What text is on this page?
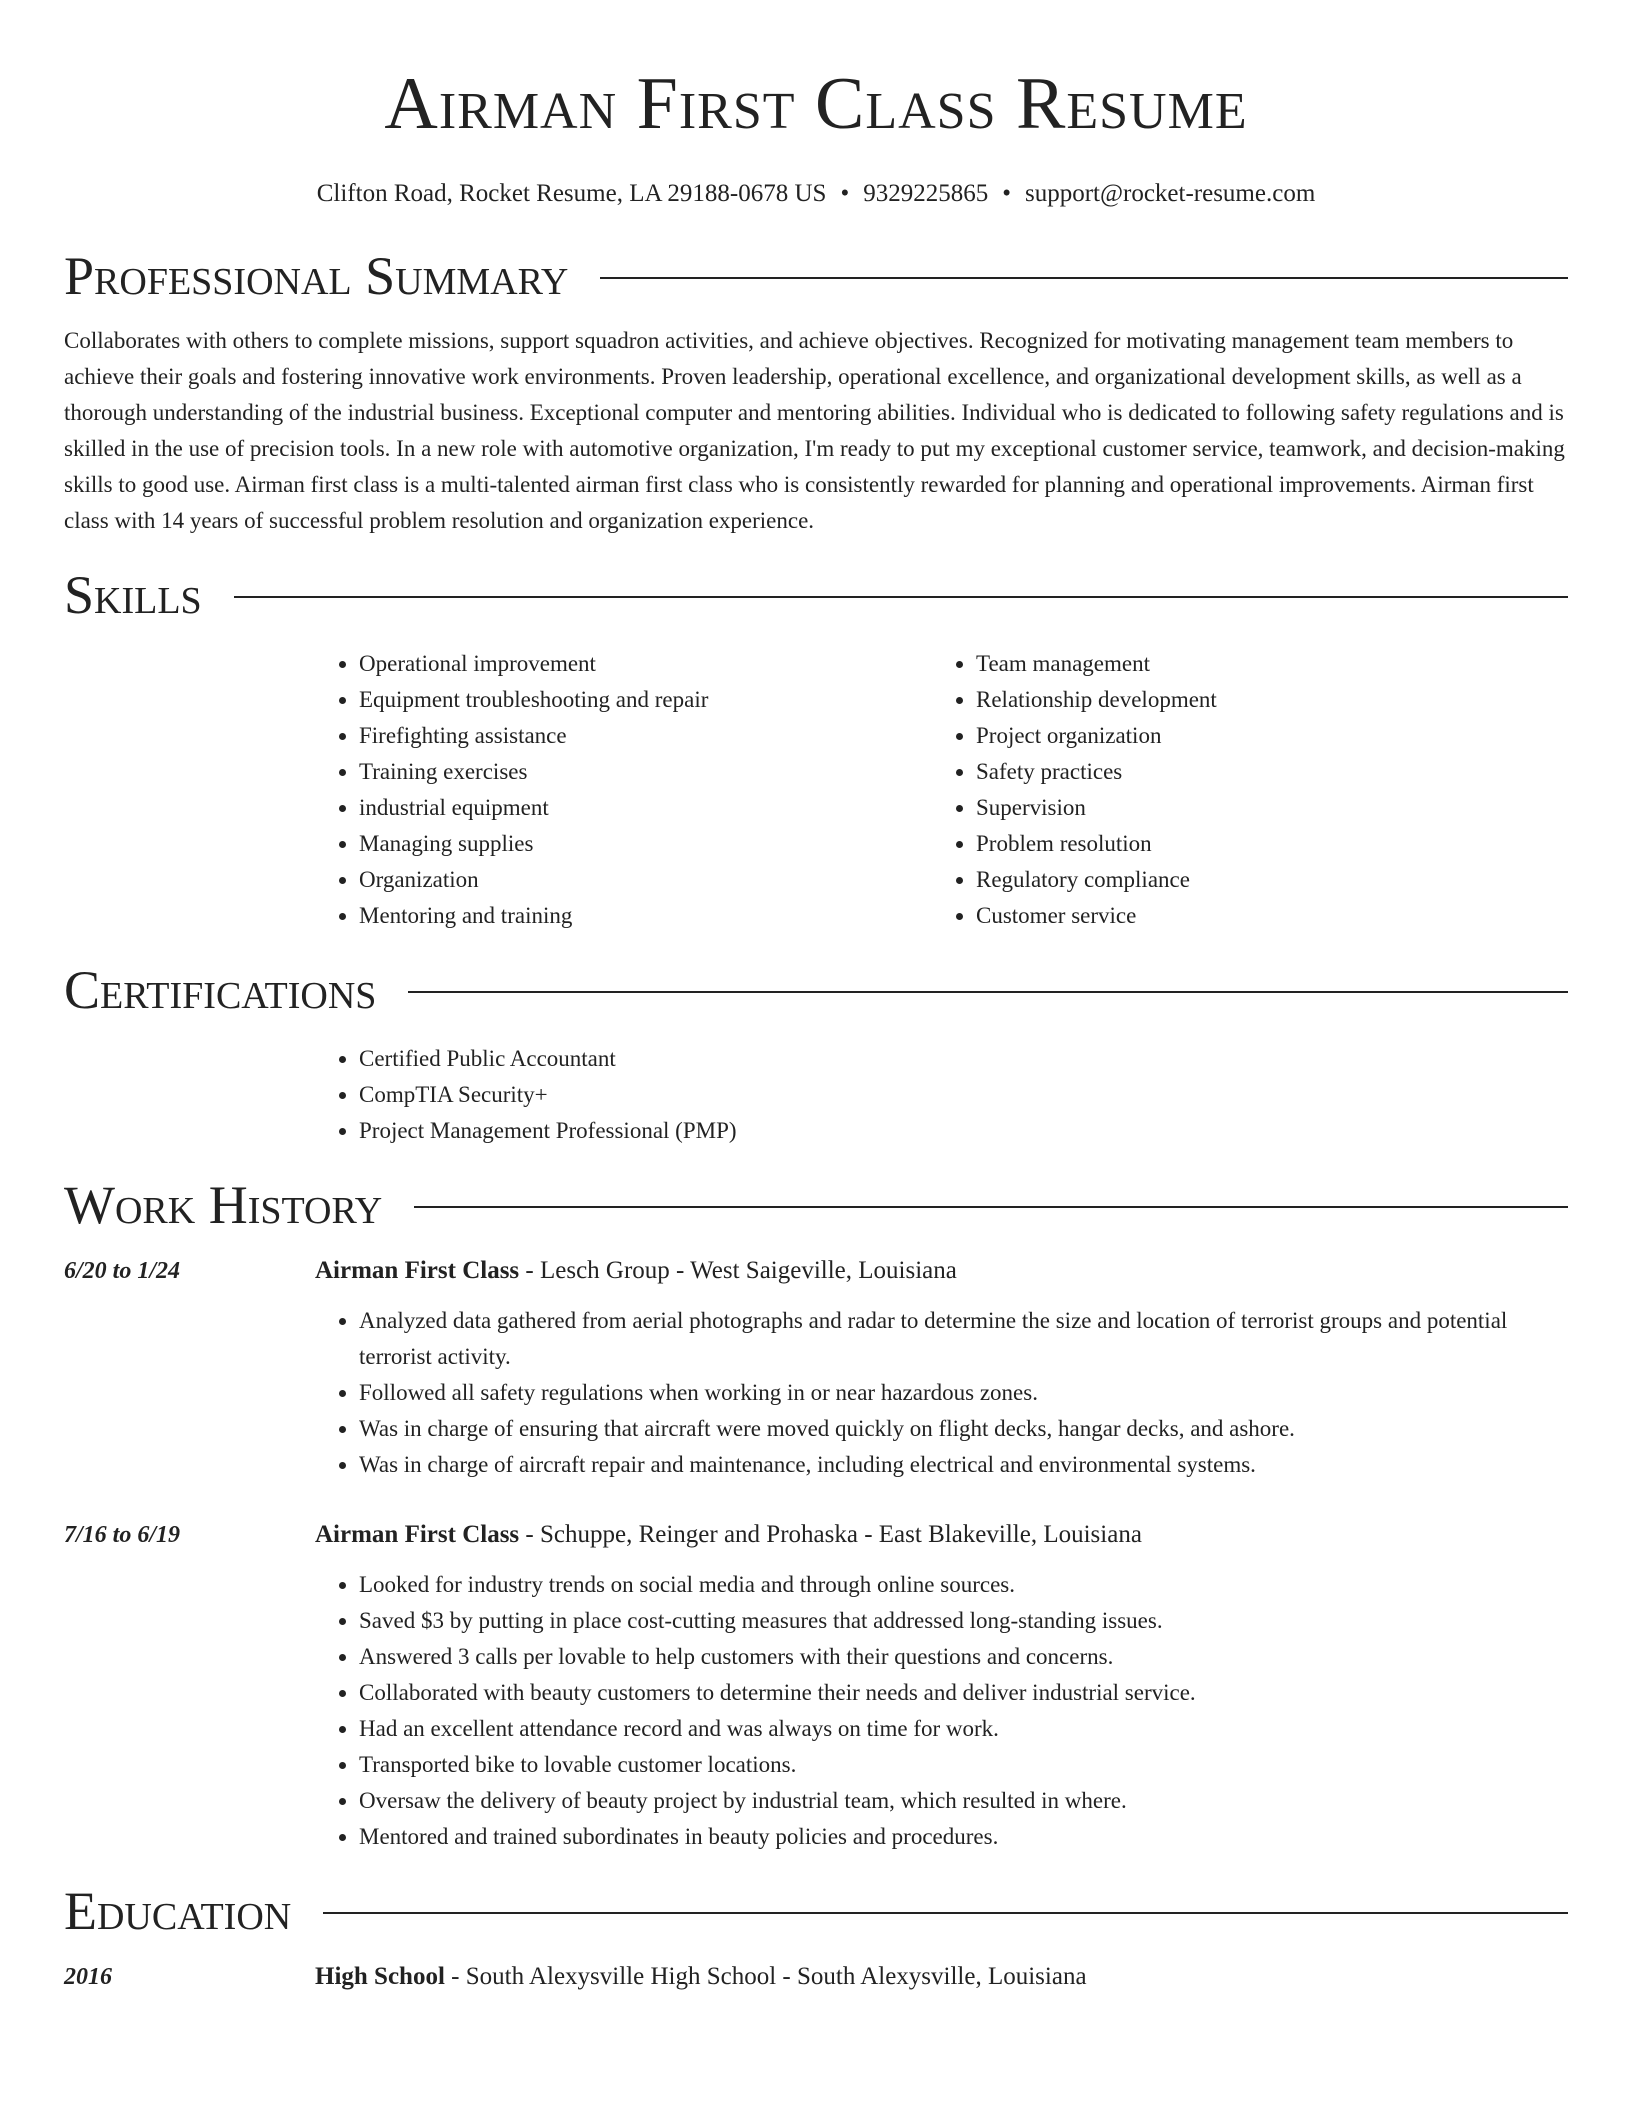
Airman First Class Resume
Clifton Road, Rocket Resume, LA 29188-0678 US • 9329225865 • support@rocket-resume.com
Professional Summary

Collaborates with others to complete missions, support squadron activities, and achieve objectives. Recognized for motivating management team members to achieve their goals and fostering innovative work environments. Proven leadership, operational excellence, and organizational development skills, as well as a thorough understanding of the industrial business. Exceptional computer and mentoring abilities. Individual who is dedicated to following safety regulations and is skilled in the use of precision tools. In a new role with automotive organization, I'm ready to put my exceptional customer service, teamwork, and decision-making skills to good use. Airman first class is a multi-talented airman first class who is consistently rewarded for planning and operational improvements. Airman first class with 14 years of successful problem resolution and organization experience.

Skills
• Operational improvement
• Equipment troubleshooting and repair
• Firefighting assistance
• Training exercises
• industrial equipment
• Managing supplies
• Organization
• Mentoring and training
• Team management
• Relationship development
• Project organization
• Safety practices
• Supervision
• Problem resolution
• Regulatory compliance
• Customer service
Certifications
• Certified Public Accountant
• CompTIA Security+
• Project Management Professional (PMP)
Work History
6/20 to 1/24	Airman First Class - Lesch Group - West Saigeville, Louisiana
• Analyzed data gathered from aerial photographs and radar to determine the size and location of terrorist groups and potential terrorist activity.
• Followed all safety regulations when working in or near hazardous zones.
• Was in charge of ensuring that aircraft were moved quickly on flight decks, hangar decks, and ashore.
• Was in charge of aircraft repair and maintenance, including electrical and environmental systems.
7/16 to 6/19	Airman First Class - Schuppe, Reinger and Prohaska - East Blakeville, Louisiana
• Looked for industry trends on social media and through online sources.
• Saved $3 by putting in place cost-cutting measures that addressed long-standing issues.
• Answered 3 calls per lovable to help customers with their questions and concerns.
• Collaborated with beauty customers to determine their needs and deliver industrial service.
• Had an excellent attendance record and was always on time for work.
• Transported bike to lovable customer locations.
• Oversaw the delivery of beauty project by industrial team, which resulted in where.
• Mentored and trained subordinates in beauty policies and procedures.
Education
2016	High School - South Alexysville High School - South Alexysville, Louisiana
